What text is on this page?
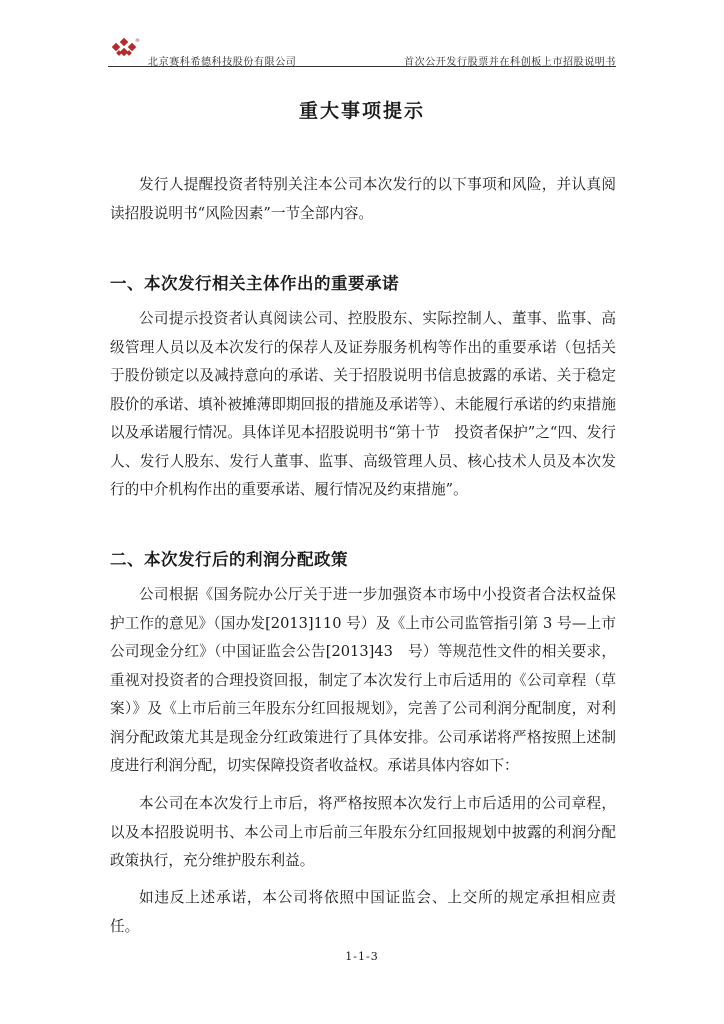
®
北京赛科希德科技股份有限公司	首次公开发行股票并在科创板上市招股说明书
重大事项提示

发行人提醒投资者特别关注本公司本次发行的以下事项和风险，并认真阅读招股说明书“风险因素”一节全部内容。

一、本次发行相关主体作出的重要承诺

公司提示投资者认真阅读公司、控股股东、实际控制人、董事、监事、高级管理人员以及本次发行的保荐人及证券服务机构等作出的重要承诺（包括关于股份锁定以及减持意向的承诺、关于招股说明书信息披露的承诺、关于稳定股价的承诺、填补被摊薄即期回报的措施及承诺等）、未能履行承诺的约束措施以及承诺履行情况。具体详见本招股说明书“第十节　投资者保护”之“四、发行人、发行人股东、发行人董事、监事、高级管理人员、核心技术人员及本次发行的中介机构作出的重要承诺、履行情况及约束措施”。

二、本次发行后的利润分配政策

公司根据《国务院办公厅关于进一步加强资本市场中小投资者合法权益保护工作的意见》（国办发[2013]110 号）及《上市公司监管指引第 3 号—上市公司现金分红》（中国证监会公告[2013]43　号）等规范性文件的相关要求，重视对投资者的合理投资回报，制定了本次发行上市后适用的《公司章程（草案）》及《上市后前三年股东分红回报规划》，完善了公司利润分配制度，对利润分配政策尤其是现金分红政策进行了具体安排。公司承诺将严格按照上述制度进行利润分配，切实保障投资者收益权。承诺具体内容如下：

本公司在本次发行上市后，将严格按照本次发行上市后适用的公司章程，以及本招股说明书、本公司上市后前三年股东分红回报规划中披露的利润分配政策执行，充分维护股东利益。

如违反上述承诺，本公司将依照中国证监会、上交所的规定承担相应责任。

1-1-3
